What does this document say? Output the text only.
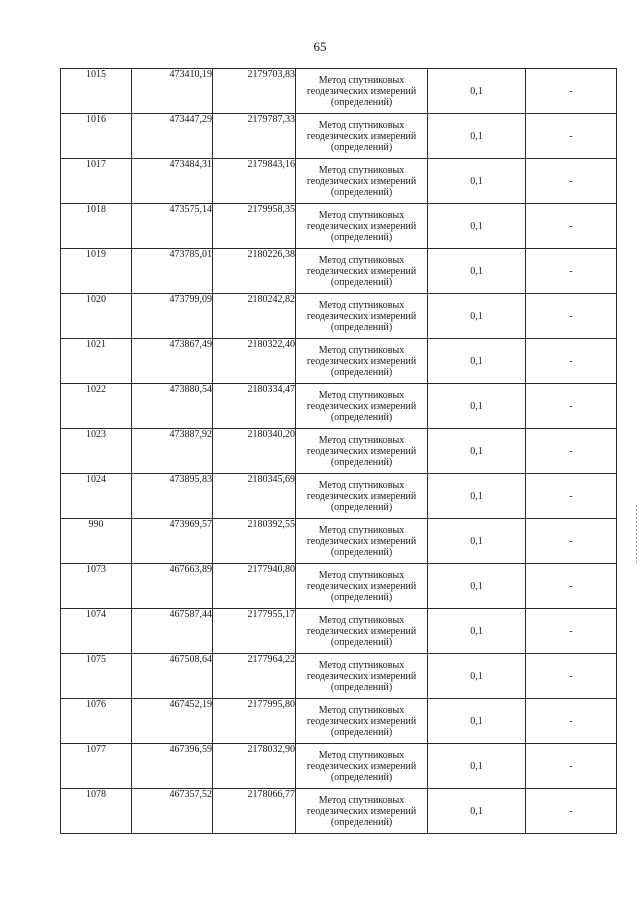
65
1015	473410,19	2179703,83	Метод спутниковых
геодезических измерений
(определений)	0,1	-
1016	473447,29	2179787,33	Метод спутниковых
геодезических измерений
(определений)	0,1	-
1017	473484,31	2179843,16	Метод спутниковых
геодезических измерений
(определений)	0,1	-
1018	473575,14	2179958,35	Метод спутниковых
геодезических измерений
(определений)	0,1	-
1019	473785,01	2180226,38	Метод спутниковых
геодезических измерений
(определений)	0,1	-
1020	473799,09	2180242,82	Метод спутниковых
геодезических измерений
(определений)	0,1	-
1021	473867,49	2180322,40	Метод спутниковых
геодезических измерений
(определений)	0,1	-
1022	473880,54	2180334,47	Метод спутниковых
геодезических измерений
(определений)	0,1	-
1023	473887,92	2180340,20	Метод спутниковых
геодезических измерений
(определений)	0,1	-
1024	473895,83	2180345,69	Метод спутниковых
геодезических измерений
(определений)	0,1	-
990	473969,57	2180392,55	Метод спутниковых
геодезических измерений
(определений)	0,1	-
1073	467663,89	2177940,80	Метод спутниковых
геодезических измерений
(определений)	0,1	-
1074	467587,44	2177955,17	Метод спутниковых
геодезических измерений
(определений)	0,1	-
1075	467508,64	2177964,22	Метод спутниковых
геодезических измерений
(определений)	0,1	-
1076	467452,19	2177995,80	Метод спутниковых
геодезических измерений
(определений)	0,1	-
1077	467396,59	2178032,90	Метод спутниковых
геодезических измерений
(определений)	0,1	-
1078	467357,52	2178066,77	Метод спутниковых
геодезических измерений
(определений)	0,1	-
